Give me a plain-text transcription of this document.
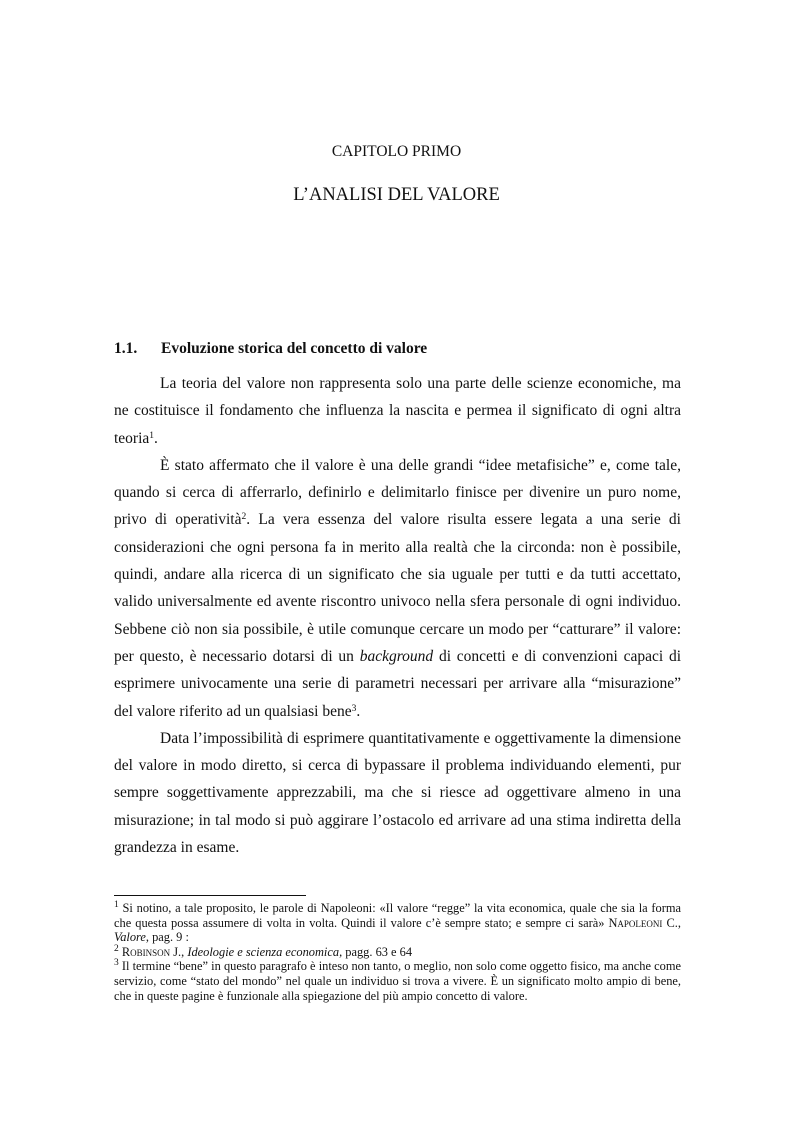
CAPITOLO PRIMO
L’ANALISI DEL VALORE
1.1. Evoluzione storica del concetto di valore

La teoria del valore non rappresenta solo una parte delle scienze economiche, ma ne costituisce il fondamento che influenza la nascita e permea il significato di ogni altra teoria$^1$.

È stato affermato che il valore è una delle grandi “idee metafisiche” e, come tale, quando si cerca di afferrarlo, definirlo e delimitarlo finisce per divenire un puro nome, privo di operatività$^2$. La vera essenza del valore risulta essere legata a una serie di considerazioni che ogni persona fa in merito alla realtà che la circonda: non è possibile, quindi, andare alla ricerca di un significato che sia uguale per tutti e da tutti accettato, valido universalmente ed avente riscontro univoco nella sfera personale di ogni individuo. Sebbene ciò non sia possibile, è utile comunque cercare un modo per “catturare” il valore: per questo, è necessario dotarsi di un background di concetti e di convenzioni capaci di esprimere univocamente una serie di parametri necessari per arrivare alla “misurazione” del valore riferito ad un qualsiasi bene$^3$.

Data l’impossibilità di esprimere quantitativamente e oggettivamente la dimensione del valore in modo diretto, si cerca di bypassare il problema individuando elementi, pur sempre soggettivamente apprezzabili, ma che si riesce ad oggettivare almeno in una misurazione; in tal modo si può aggirare l’ostacolo ed arrivare ad una stima indiretta della grandezza in esame.

$^1$ Si notino, a tale proposito, le parole di Napoleoni: «Il valore “regge” la vita economica, quale che sia la forma che questa possa assumere di volta in volta. Quindi il valore c’è sempre stato; e sempre ci sarà» Napoleoni C., Valore, pag. 9 :
$^2$ Robinson J., Ideologie e scienza economica, pagg. 63 e 64
$^3$ Il termine “bene” in questo paragrafo è inteso non tanto, o meglio, non solo come oggetto fisico, ma anche come servizio, come “stato del mondo” nel quale un individuo si trova a vivere. È un significato molto ampio di bene, che in queste pagine è funzionale alla spiegazione del più ampio concetto di valore.
